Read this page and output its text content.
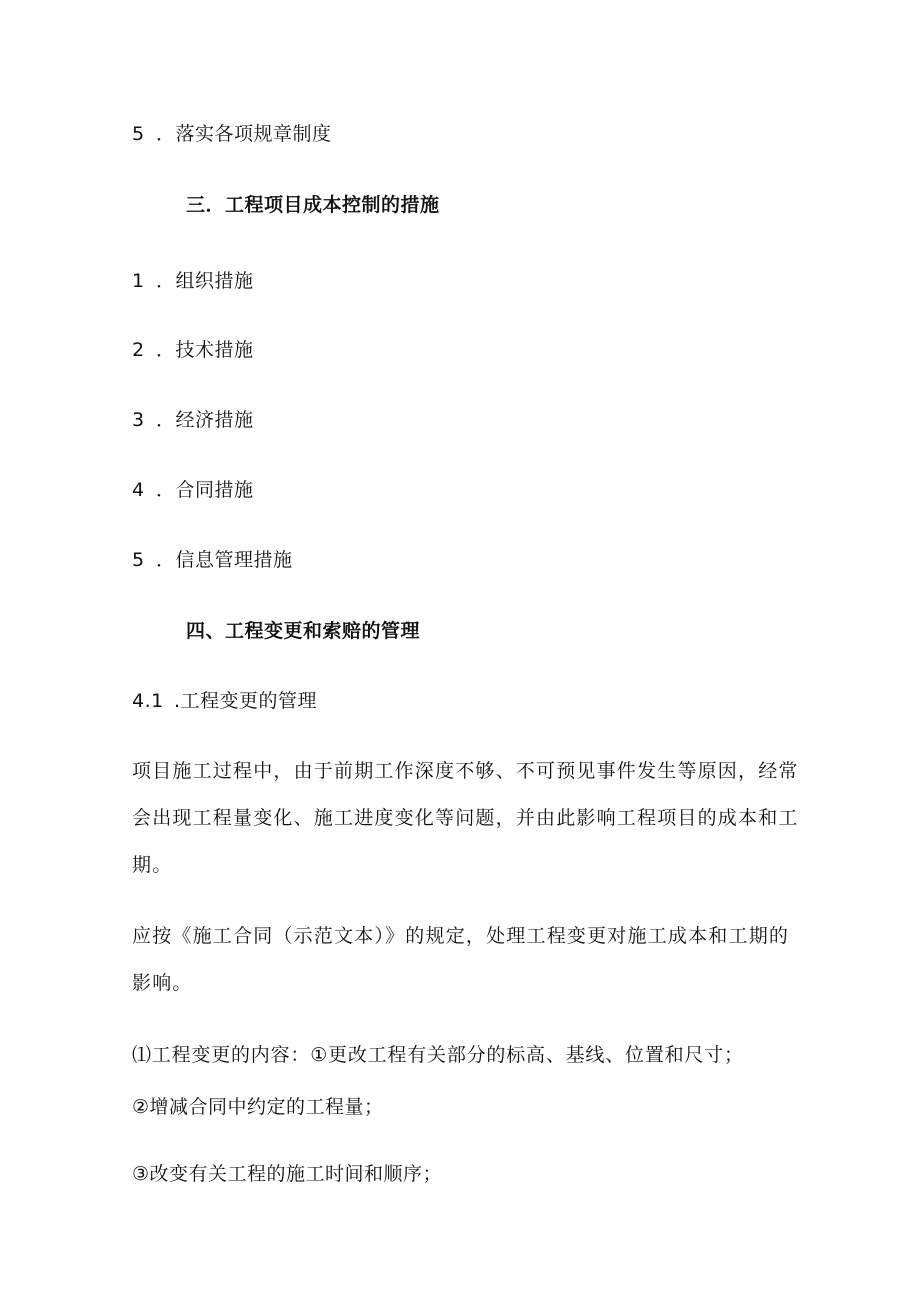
5 ．落实各项规章制度
三．工程项目成本控制的措施
1 ．组织措施
2 ．技术措施
3 ．经济措施
4 ．合同措施
5 ．信息管理措施
四、工程变更和索赔的管理
4.1 .工程变更的管理
项目施工过程中，由于前期工作深度不够、不可预见事件发生等原因，经常
会出现工程量变化、施工进度变化等问题，并由此影响工程项目的成本和工
期。
应按《施工合同（示范文本）》的规定，处理工程变更对施工成本和工期的
影响。
⑴工程变更的内容：①更改工程有关部分的标高、基线、位置和尺寸；
②增减合同中约定的工程量；
③改变有关工程的施工时间和顺序；
